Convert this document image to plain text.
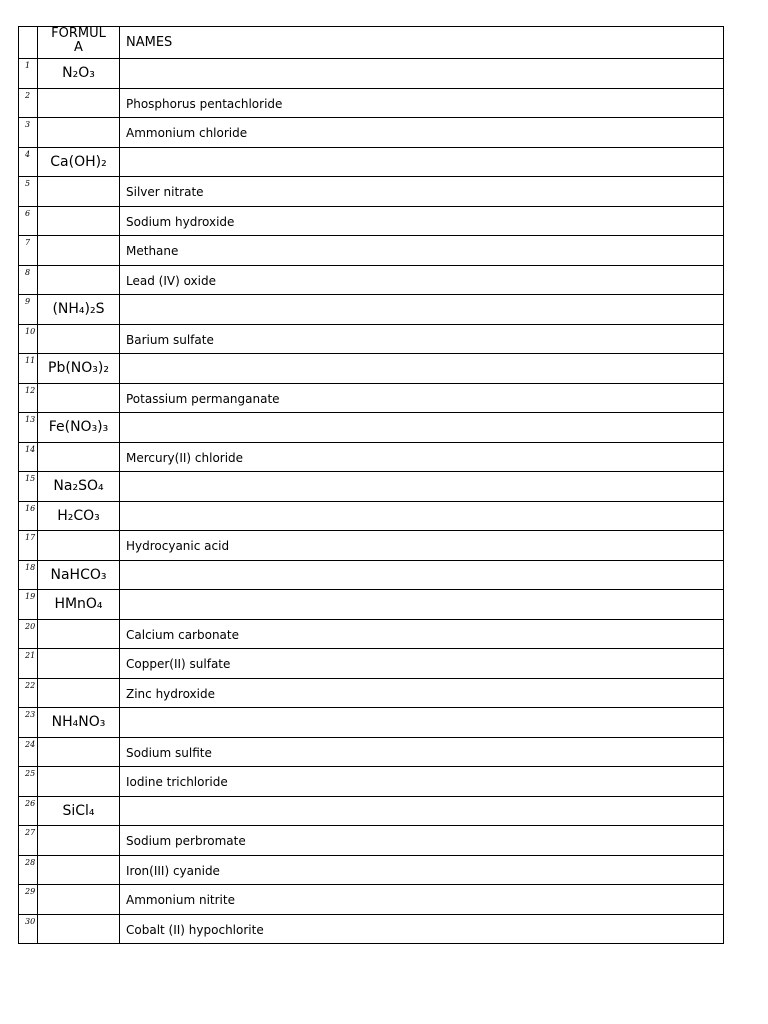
	FORMULA	NAMES

1	N₂O₃	

2		Phosphorus pentachloride

3		Ammonium chloride

4	Ca(OH)₂	

5		Silver nitrate

6		Sodium hydroxide

7		Methane

8		Lead (IV) oxide

9	(NH₄)₂S	

10		Barium sulfate

11	Pb(NO₃)₂	

12		Potassium permanganate

13	Fe(NO₃)₃	

14		Mercury(II) chloride

15	Na₂SO₄	

16	H₂CO₃	

17		Hydrocyanic acid

18	NaHCO₃	

19	HMnO₄	

20		Calcium carbonate

21		Copper(II) sulfate

22		Zinc hydroxide

23	NH₄NO₃	

24		Sodium sulfite

25		Iodine trichloride

26	SiCl₄	

27		Sodium perbromate

28		Iron(III) cyanide

29		Ammonium nitrite

30		Cobalt (II) hypochlorite
